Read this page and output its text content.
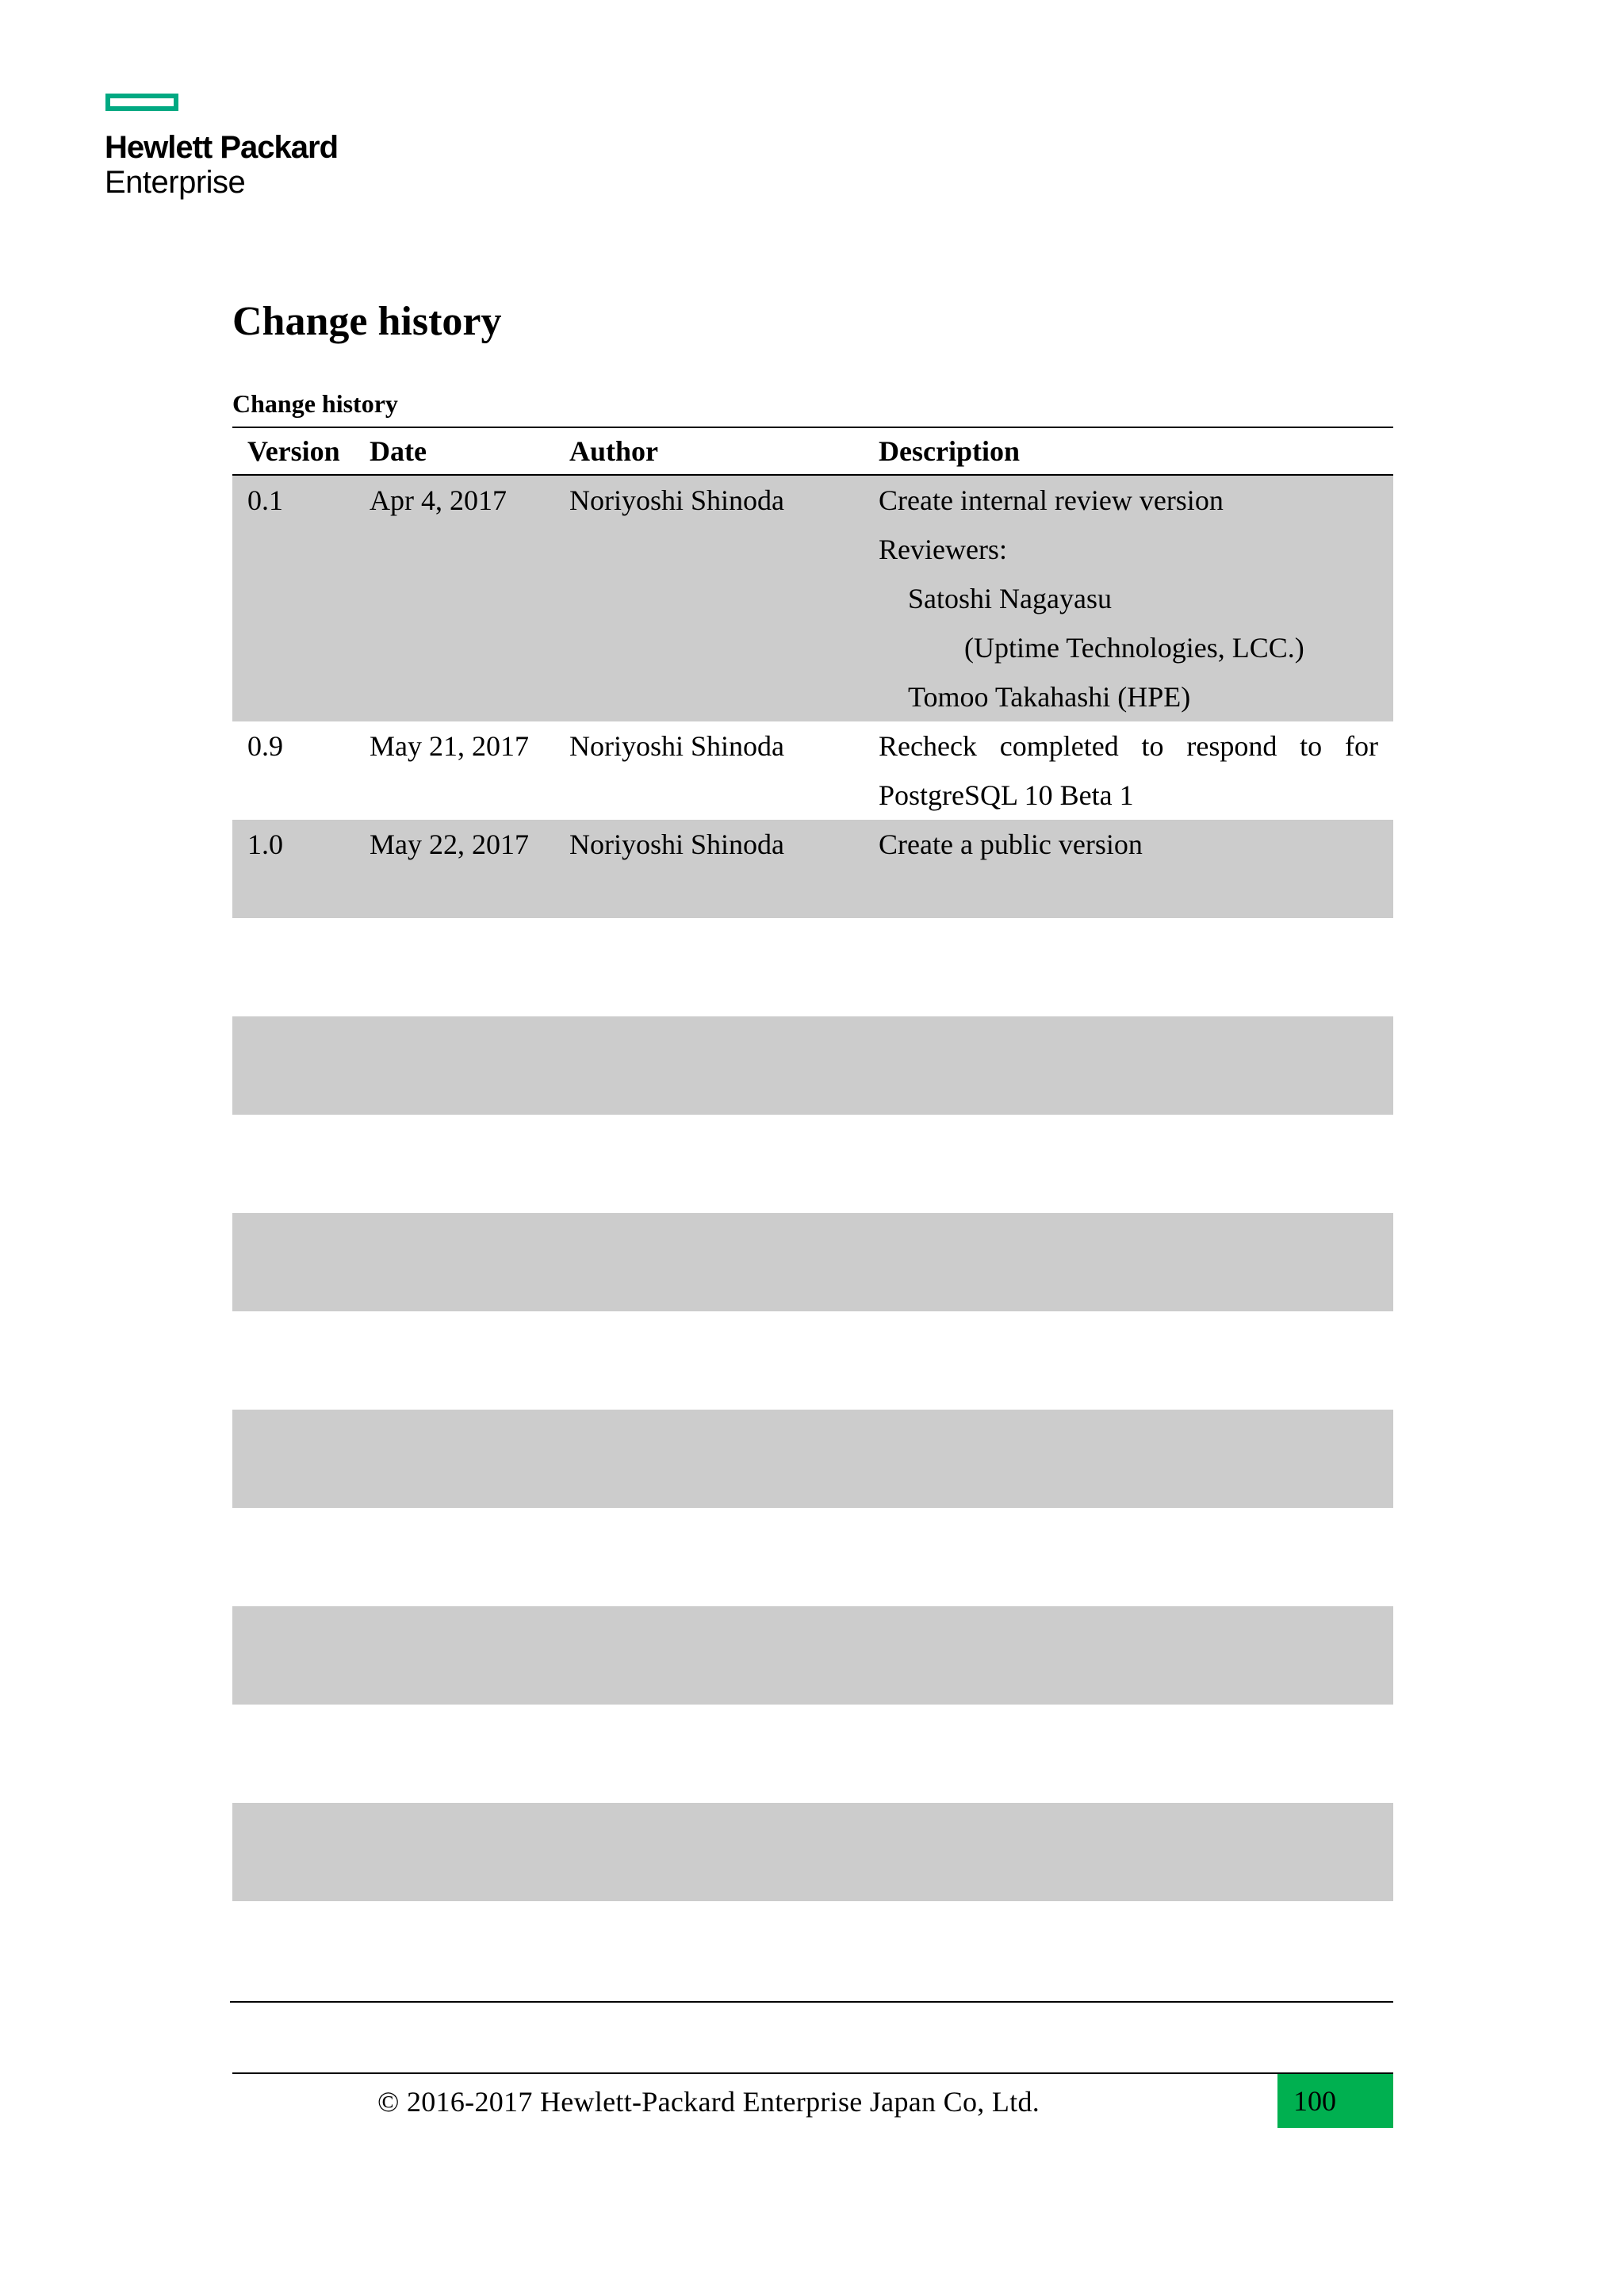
Hewlett Packard
Enterprise
Change history
Change history
Version Date	Author	Description
0.1	Apr 4, 2017 Noriyoshi Shinoda	Create internal review version
Reviewers:
Satoshi Nagayasu
(Uptime Technologies, LCC.)
Tomoo Takahashi (HPE)
0.9	May 21, 2017 Noriyoshi Shinoda	Recheck completed to respond to for
PostgreSQL 10 Beta 1
1.0	May 22, 2017 Noriyoshi Shinoda	Create a public version
© 2016-2017 Hewlett-Packard Enterprise Japan Co, Ltd.	100
